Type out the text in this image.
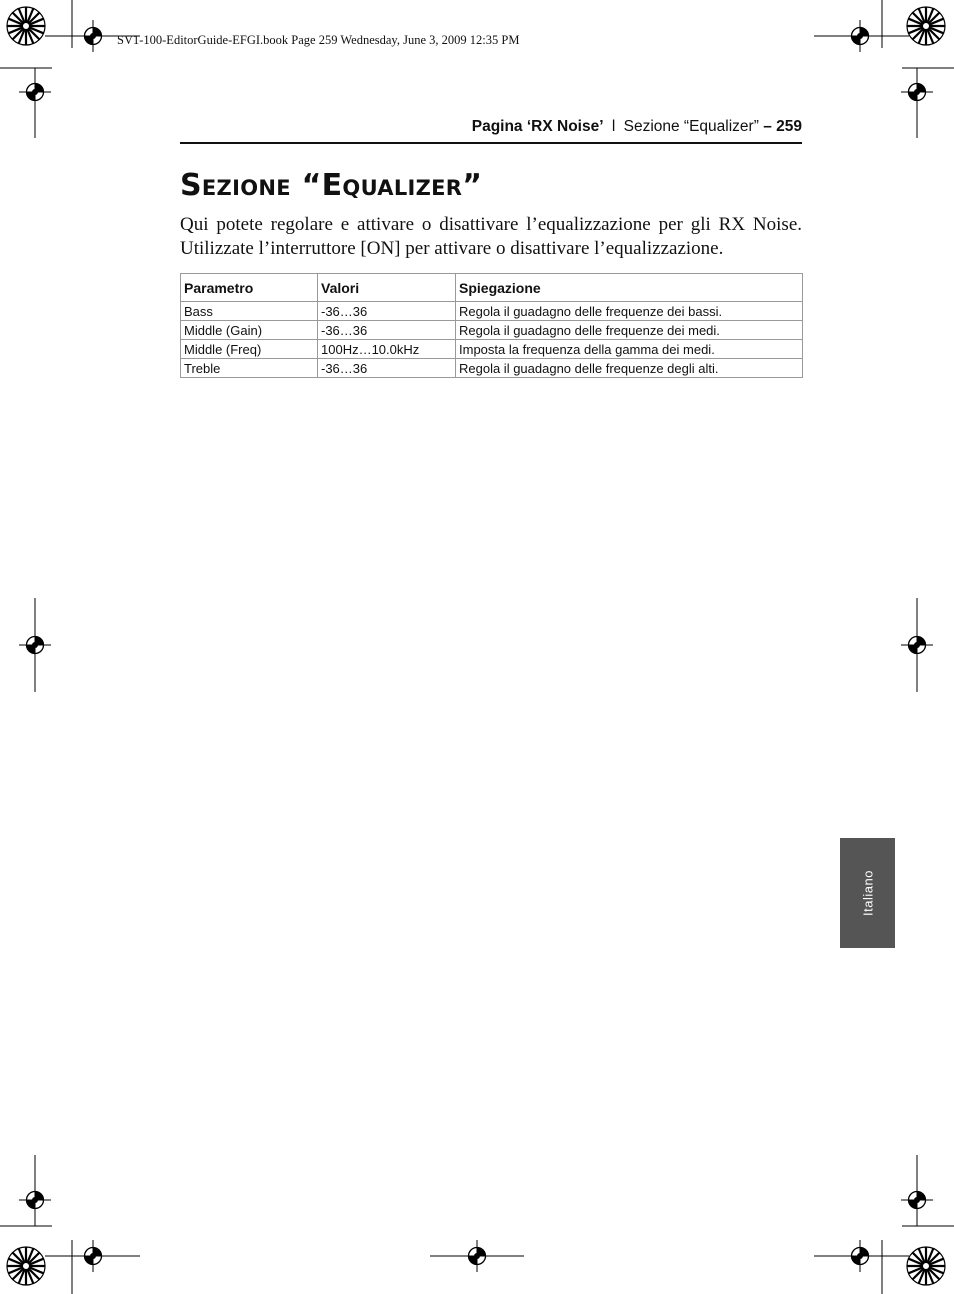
SV1-100-EditorGuide-EFGI.book Page 259 Wednesday, June 3, 2009 12:35 PM
Pagina ‘RX Noise’ l Sezione “Equalizer” – 259
Sezione “Equalizer”

Qui potete regolare e attivare o disattivare l’equalizzazione per gli RX Noise. Utilizzate l’interruttore [ON] per attivare o disattivare l’equalizzazione.

Parametro	Valori	Spiegazione
Bass	-36…36	Regola il guadagno delle frequenze dei bassi.
Middle (Gain)	-36…36	Regola il guadagno delle frequenze dei medi.
Middle (Freq)	100Hz…10.0kHz	Imposta la frequenza della gamma dei medi.
Treble	-36…36	Regola il guadagno delle frequenze degli alti.
Italiano
